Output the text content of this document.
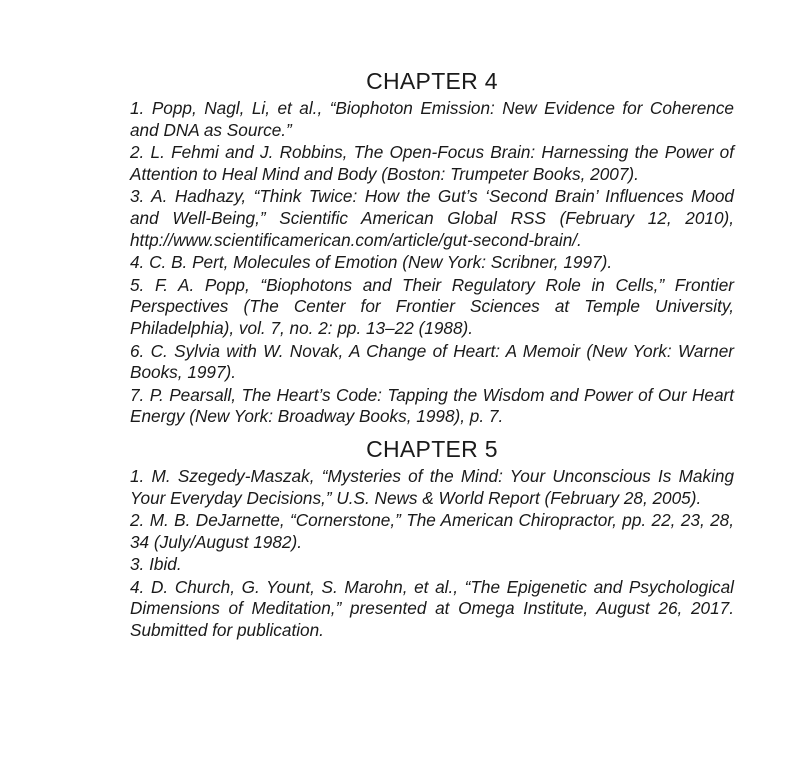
CHAPTER 4

1. Popp, Nagl, Li, et al., “Biophoton Emission: New Evidence for Coherence and DNA as Source.”

2. L. Fehmi and J. Robbins, The Open-Focus Brain: Harnessing the Power of Attention to Heal Mind and Body (Boston: Trumpeter Books, 2007).

3. A. Hadhazy, “Think Twice: How the Gut’s ‘Second Brain’ Influences Mood and Well-Being,” Scientific American Global RSS (February 12, 2010), http://www.scientificamerican.com/article/gut-second-brain/.

4. C. B. Pert, Molecules of Emotion (New York: Scribner, 1997).

5. F. A. Popp, “Biophotons and Their Regulatory Role in Cells,” Frontier Perspectives (The Center for Frontier Sciences at Temple University, Philadelphia), vol. 7, no. 2: pp. 13–22 (1988).

6. C. Sylvia with W. Novak, A Change of Heart: A Memoir (New York: Warner Books, 1997).

7. P. Pearsall, The Heart’s Code: Tapping the Wisdom and Power of Our Heart Energy (New York: Broadway Books, 1998), p. 7.

CHAPTER 5

1. M. Szegedy-Maszak, “Mysteries of the Mind: Your Unconscious Is Making Your Everyday Decisions,” U.S. News & World Report (February 28, 2005).

2. M. B. DeJarnette, “Cornerstone,” The American Chiropractor, pp. 22, 23, 28, 34 (July/August 1982).

3. Ibid.

4. D. Church, G. Yount, S. Marohn, et al., “The Epigenetic and Psychological Dimensions of Meditation,” presented at Omega Institute, August 26, 2017. Submitted for publication.
